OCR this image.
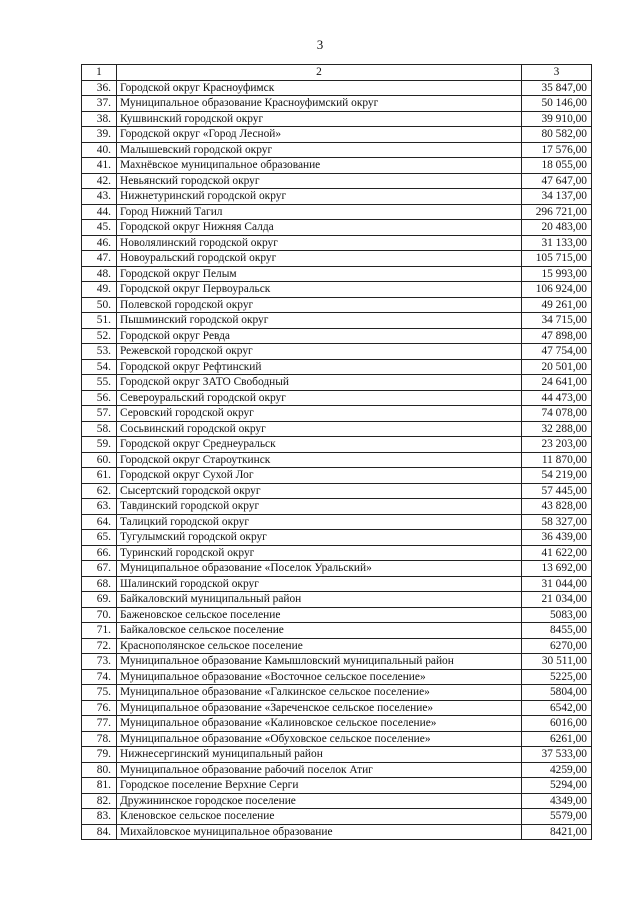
3
1	2	3
36.	Городской округ Красноуфимск	35 847,00
37.	Муниципальное образование Красноуфимский округ	50 146,00
38.	Кушвинский городской округ	39 910,00
39.	Городской округ «Город Лесной»	80 582,00
40.	Малышевский городской округ	17 576,00
41.	Махнёвское муниципальное образование	18 055,00
42.	Невьянский городской округ	47 647,00
43.	Нижнетуринский городской округ	34 137,00
44.	Город Нижний Тагил	296 721,00
45.	Городской округ Нижняя Салда	20 483,00
46.	Новолялинский городской округ	31 133,00
47.	Новоуральский городской округ	105 715,00
48.	Городской округ Пелым	15 993,00
49.	Городской округ Первоуральск	106 924,00
50.	Полевской городской округ	49 261,00
51.	Пышминский городской округ	34 715,00
52.	Городской округ Ревда	47 898,00
53.	Режевской городской округ	47 754,00
54.	Городской округ Рефтинский	20 501,00
55.	Городской округ ЗАТО Свободный	24 641,00
56.	Североуральский городской округ	44 473,00
57.	Серовский городской округ	74 078,00
58.	Сосьвинский городской округ	32 288,00
59.	Городской округ Среднеуральск	23 203,00
60.	Городской округ Староуткинск	11 870,00
61.	Городской округ Сухой Лог	54 219,00
62.	Сысертский городской округ	57 445,00
63.	Тавдинский городской округ	43 828,00
64.	Талицкий городской округ	58 327,00
65.	Тугулымский городской округ	36 439,00
66.	Туринский городской округ	41 622,00
67.	Муниципальное образование «Поселок Уральский»	13 692,00
68.	Шалинский городской округ	31 044,00
69.	Байкаловский муниципальный район	21 034,00
70.	Баженовское сельское поселение	5083,00
71.	Байкаловское сельское поселение	8455,00
72.	Краснополянское сельское поселение	6270,00
73.	Муниципальное образование Камышловский муниципальный район	30 511,00
74.	Муниципальное образование «Восточное сельское поселение»	5225,00
75.	Муниципальное образование «Галкинское сельское поселение»	5804,00
76.	Муниципальное образование «Зареченское сельское поселение»	6542,00
77.	Муниципальное образование «Калиновское сельское поселение»	6016,00
78.	Муниципальное образование «Обуховское сельское поселение»	6261,00
79.	Нижнесергинский муниципальный район	37 533,00
80.	Муниципальное образование рабочий поселок Атиг	4259,00
81.	Городское поселение Верхние Серги	5294,00
82.	Дружининское городское поселение	4349,00
83.	Кленовское сельское поселение	5579,00
84.	Михайловское муниципальное образование	8421,00
